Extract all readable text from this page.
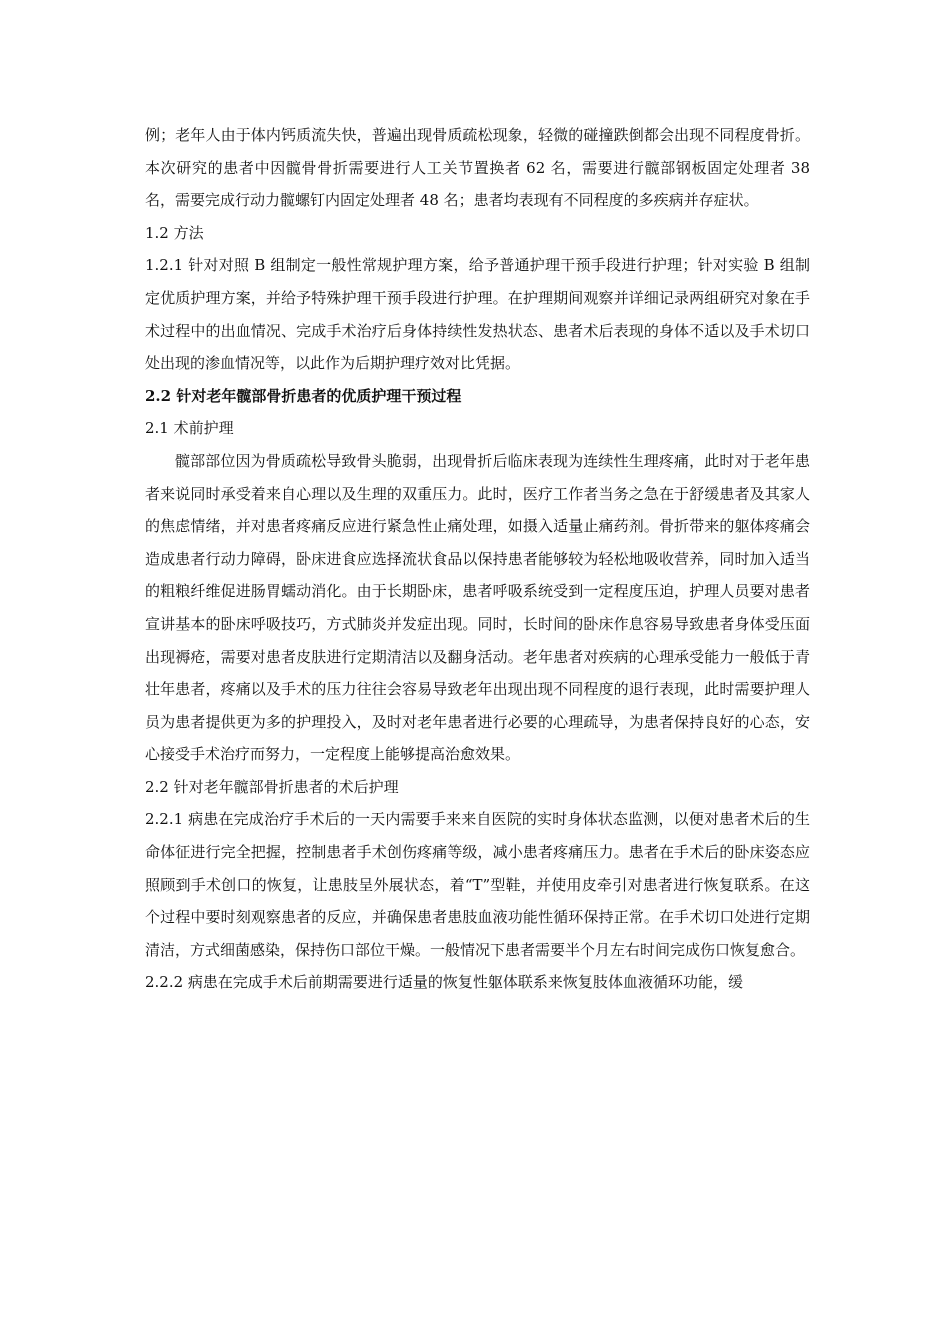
例；老年人由于体内钙质流失快，普遍出现骨质疏松现象，轻微的碰撞跌倒都会出现不同程度骨折。本次研究的患者中因髋骨骨折需要进行人工关节置换者 62 名，需要进行髋部钢板固定处理者 38 名，需要完成行动力髋螺钉内固定处理者 48 名；患者均表现有不同程度的多疾病并存症状。

1.2 方法

1.2.1 针对对照 B 组制定一般性常规护理方案，给予普通护理干预手段进行护理；针对实验 B 组制定优质护理方案，并给予特殊护理干预手段进行护理。在护理期间观察并详细记录两组研究对象在手术过程中的出血情况、完成手术治疗后身体持续性发热状态、患者术后表现的身体不适以及手术切口处出现的渗血情况等，以此作为后期护理疗效对比凭据。

2.2 针对老年髋部骨折患者的优质护理干预过程

2.1 术前护理

髋部部位因为骨质疏松导致骨头脆弱，出现骨折后临床表现为连续性生理疼痛，此时对于老年患者来说同时承受着来自心理以及生理的双重压力。此时，医疗工作者当务之急在于舒缓患者及其家人的焦虑情绪，并对患者疼痛反应进行紧急性止痛处理，如摄入适量止痛药剂。骨折带来的躯体疼痛会造成患者行动力障碍，卧床进食应选择流状食品以保持患者能够较为轻松地吸收营养，同时加入适当的粗粮纤维促进肠胃蠕动消化。由于长期卧床，患者呼吸系统受到一定程度压迫，护理人员要对患者宣讲基本的卧床呼吸技巧，方式肺炎并发症出现。同时，长时间的卧床作息容易导致患者身体受压面出现褥疮，需要对患者皮肤进行定期清洁以及翻身活动。老年患者对疾病的心理承受能力一般低于青壮年患者，疼痛以及手术的压力往往会容易导致老年出现出现不同程度的退行表现，此时需要护理人员为患者提供更为多的护理投入，及时对老年患者进行必要的心理疏导，为患者保持良好的心态，安心接受手术治疗而努力，一定程度上能够提高治愈效果。

2.2 针对老年髋部骨折患者的术后护理

2.2.1 病患在完成治疗手术后的一天内需要手来来自医院的实时身体状态监测，以便对患者术后的生命体征进行完全把握，控制患者手术创伤疼痛等级，减小患者疼痛压力。患者在手术后的卧床姿态应照顾到手术创口的恢复，让患肢呈外展状态，着“T”型鞋，并使用皮牵引对患者进行恢复联系。在这个过程中要时刻观察患者的反应，并确保患者患肢血液功能性循环保持正常。在手术切口处进行定期清洁，方式细菌感染，保持伤口部位干燥。一般情况下患者需要半个月左右时间完成伤口恢复愈合。

2.2.2 病患在完成手术后前期需要进行适量的恢复性躯体联系来恢复肢体血液循环功能，缓
